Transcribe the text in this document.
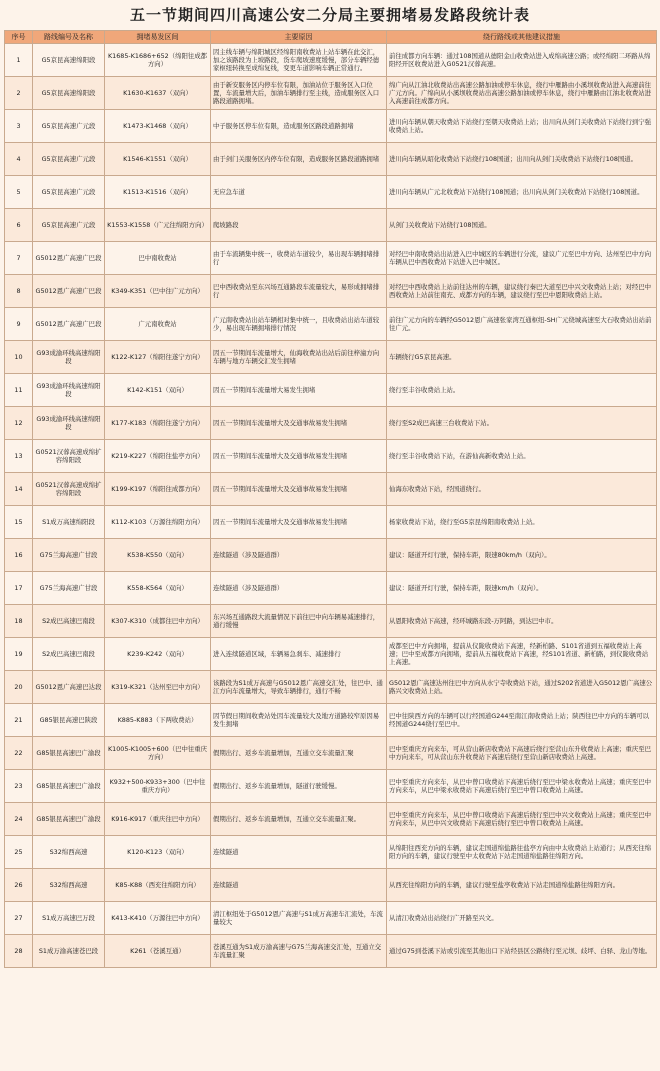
五一节期间四川高速公安二分局主要拥堵易发路段统计表
序号	路线编号及名称	拥堵易发区间	主要原因	绕行路线或其他建议措施
1	G5京昆高速绵阳段	K1685-K1686+652（绵阳往成都方向）	因主线车辆与绵阳城区经绵阳南收费站上站车辆在此交汇，加之该路段为上坡路段，货车爬坡速度缓慢，部分车辆经德家枢纽转换至成绵复线，变更车道影响车辆正常通行。	前往成都方向车辆：通过108国道从德阳金山收费站进入成绵高速公路；或经绵阳二环路从绵阳经开区收费站进入G0521汉蓉高速。
2	G5京昆高速绵阳段	K1630-K1637（双向）	由于新安服务区内停车位有限，加油站位于服务区入口位置，车流量增大后，加油车辆排行至主线，造成服务区入口路段道路拥堵。	绵广向从江油北收费站出高速公路加油或停车休息，绕行中雁路由小溪坝收费站进入高速前往广元方向。广绵向从小溪坝收费站出高速公路加油或停车休息，绕行中雁路由江油北收费站进入高速前往成都方向。
3	G5京昆高速广元段	K1473-K1468（双向）	中子服务区停车位有限，造成服务区路段道路拥堵	进川向车辆从朝天收费站下站绕行至朝天收费站上站；出川向从剑门关收费站下站绕行到宁强收费站上站。
4	G5京昆高速广元段	K1546-K1551（双向）	由于剑门关服务区内停车位有限，造成服务区路段道路拥堵	进川向车辆从昭化收费站下站绕行108国道；出川向从剑门关收费站下站绕行108国道。
5	G5京昆高速广元段	K1513-K1516（双向）	无应急车道	进川向车辆从广元北收费站下站绕行108国道；出川向从剑门关收费站下站绕行108国道。
6	G5京昆高速广元段	K1553-K1558（广元往绵阳方向）	爬坡路段	从剑门关收费站下站绕行108国道。
7	G5012恩广高速广巴段	巴中南收费站	由于车流辆集中统一，收费站车道较少，易出现车辆拥堵排行	对经巴中南收费站出站进入巴中城区的车辆进行分流，建议广元至巴中方向、达州至巴中方向车辆从巴中西收费站下站进入巴中城区。
8	G5012恩广高速广巴段	K349-K351（巴中往广元方向）	巴中西收费站至东兴场互通路段车流量较大，易形成拥堵排行	对经巴中西收费站上站前往达州的车辆，建议绕行秦巴大道至巴中兴文收费站上站；对经巴中西收费站上站前往南充、成都方向的车辆，建议绕行至巴中恩阳收费站上站。
9	G5012恩广高速广巴段	广元南收费站	广元南收费站出站车辆相对集中统一，且收费站出站车道较少，易出现车辆拥堵排行情况	前往广元方向的车辆经G5012恩广高速张家湾互通枢纽-SH广元绕城高速至大石收费站出站前往广元。
10	G93成渝环线高速绵阳段	K122-K127（绵阳往遂宁方向）	因五一节期间车流量增大，仙海收费站出站后前往梓潼方向车辆与地方车辆交汇发生拥堵	车辆绕行G5京昆高速。
11	G93成渝环线高速绵阳段	K142-K151（双向）	因五一节期间车流量增大易发生拥堵	绕行至丰谷收费站上站。
12	G93成渝环线高速绵阳段	K177-K183（绵阳往遂宁方向）	因五一节期间车流量增大及交通事故易发生拥堵	绕行至S2成巴高速三台收费站下站。
13	G0521汉蓉高速成绵扩容绵阳段	K219-K227（绵阳往盐亭方向）	因五一节期间车流量增大及交通事故易发生拥堵	绕行至丰谷收费站下站，在游仙高新收费站上站。
14	G0521汉蓉高速成绵扩容绵阳段	K199-K197（绵阳往成都方向）	因五一节期间车流量增大及交通事故易发生拥堵	仙海东收费站下站，经国道绕行。
15	S1成万高速绵阳段	K112-K103（万源往绵阳方向）	因五一节期间车流量增大及交通事故易发生拥堵	杨家收费站下站，绕行至G5京昆绵阳南收费站上站。
16	G75兰海高速广甘段	K538-K550（双向）	连续隧道（涉及隧道群）	建议：隧道开灯行驶，保持车距，限速80km/h（双向）。
17	G75兰海高速广甘段	K558-K564（双向）	连续隧道（涉及隧道群）	建议：隧道开灯行驶，保持车距，限速km/h（双向）。
18	S2成巴高速巴南段	K307-K310（成都往巴中方向）	东兴场互通路段大流量情况下前往巴中向车辆易减速排行，通行缓慢	从恩阳收费站下高速，经环城路东段-万阿路，到达巴中市。
19	S2成巴高速巴南段	K239-K242（双向）	进入连续隧道区域，车辆易急刹车、减速排行	成都至巴中方向拥堵，提前从仪陇收费站下高速，经新柏路、S101省道到五福收费站上高速；巴中至成都方向拥堵，提前从五福收费站下高速，经S101省道、新柏路，到仪陇收费站上高速。
20	G5012恩广高速巴达段	K319-K321（达州至巴中方向）	该路段为S1成万高速与G5012恩广高速交汇处，往巴中、通江方向车流量增大，导致车辆排行，通行不畅	G5012恩广高速达州往巴中方向从水宁寺收费站下站，通过S202省道进入G5012恩广高速公路兴文收费站上站。
21	G85银昆高速巴陕段	K885-K883（下两收费站）	因节假日期间收费站处因车流量较大及地方道路较窄原因易发生拥堵	巴中往陕西方向的车辆可以行经国道G244至南江南收费站上站；陕西往巴中方向的车辆可以经国道G244绕行至巴中。
22	G85银昆高速巴广渝段	K1005-K1005+600（巴中往重庆方向）	假期出行、返乡车流量增加，互通立交车流量汇聚	巴中至重庆方向来车，可从营山新店收费站下高速后绕行至营山东升收费站上高速；重庆至巴中方向来车，可从营山东升收费站下高速后绕行至营山新店收费站上高速。
23	G85银昆高速巴广渝段	K932+500-K933+300（巴中往重庆方向）	假期出行、返乡车流量增加，隧道行驶缓慢。	巴中至重庆方向来车，从巴中曾口收费站下高速后绕行至巴中梁永收费站上高速；重庆至巴中方向来车，从巴中梁永收费站下高速后绕行至巴中曾口收费站上高速。
24	G85银昆高速巴广渝段	K916-K917（重庆往巴中方向）	假期出行、返乡车流量增加，互通立交车流量汇聚。	巴中至重庆方向来车，从巴中曾口收费站下高速后绕行至巴中兴文收费站上高速；重庆至巴中方向来车，从巴中兴文收费站下高速后绕行至巴中曾口收费站上高速。
25	S32绵西高速	K120-K123（双向）	连续隧道	从绵阳往西充方向的车辆，建议走国道绵盐路往盐亭方向由中太收费站上站通行；从西充往绵阳方向的车辆，建议行驶至中太收费站下站走国道绵盐路往绵阳方向。
26	S32绵西高速	K85-K88（西充往绵阳方向）	连续隧道	从西充往绵阳方向的车辆，建议行驶至盐亭收费站下站走国道绵盐路往绵阳方向。
27	S1成万高速巴万段	K413-K410（万源往巴中方向）	清江枢纽处于G5012恩广高速与S1成万高速车汇流处，车流量较大	从清江收费站出站绕行广开路至兴文。
28	S1成万渝高速苍巴段	K261（苍溪互通）	苍溪互通为S1成万渝高速与G75兰海高速交汇处，互通立交车流量汇聚	通过G75到苍溪下站或引流至其他出口下站经县区公路绕行至元坝、歧坪、白驿、龙山等地。
